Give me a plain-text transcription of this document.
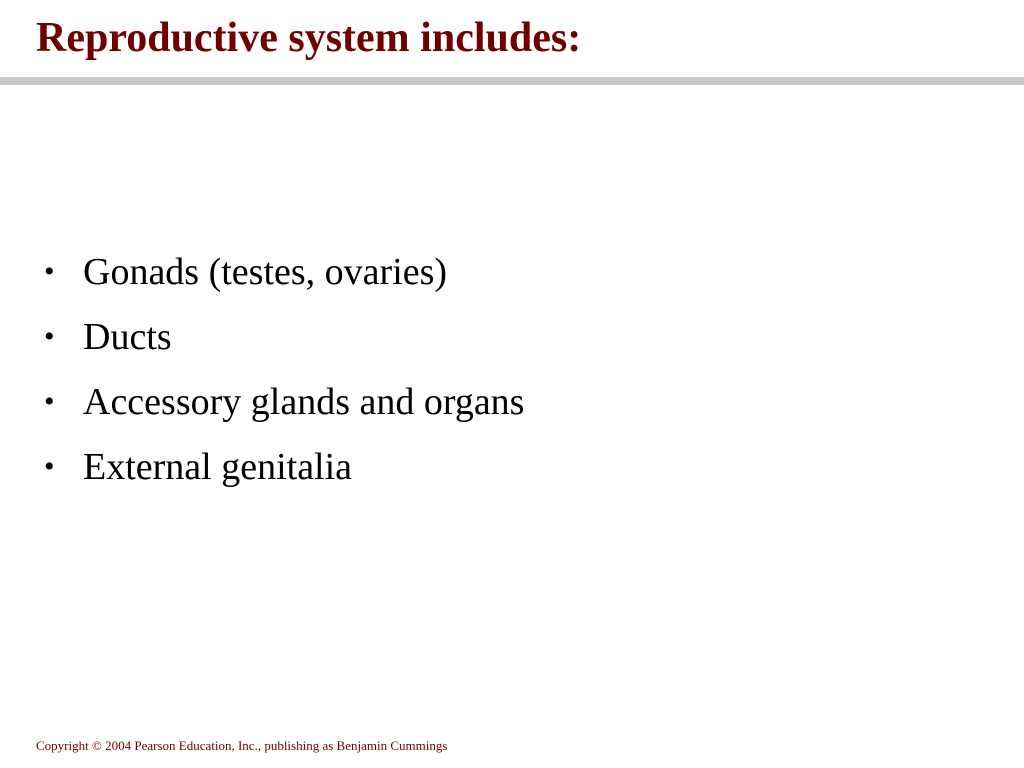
Reproductive system includes:
• Gonads (testes, ovaries)
• Ducts
• Accessory glands and organs
• External genitalia
Copyright © 2004 Pearson Education, Inc., publishing as Benjamin Cummings
